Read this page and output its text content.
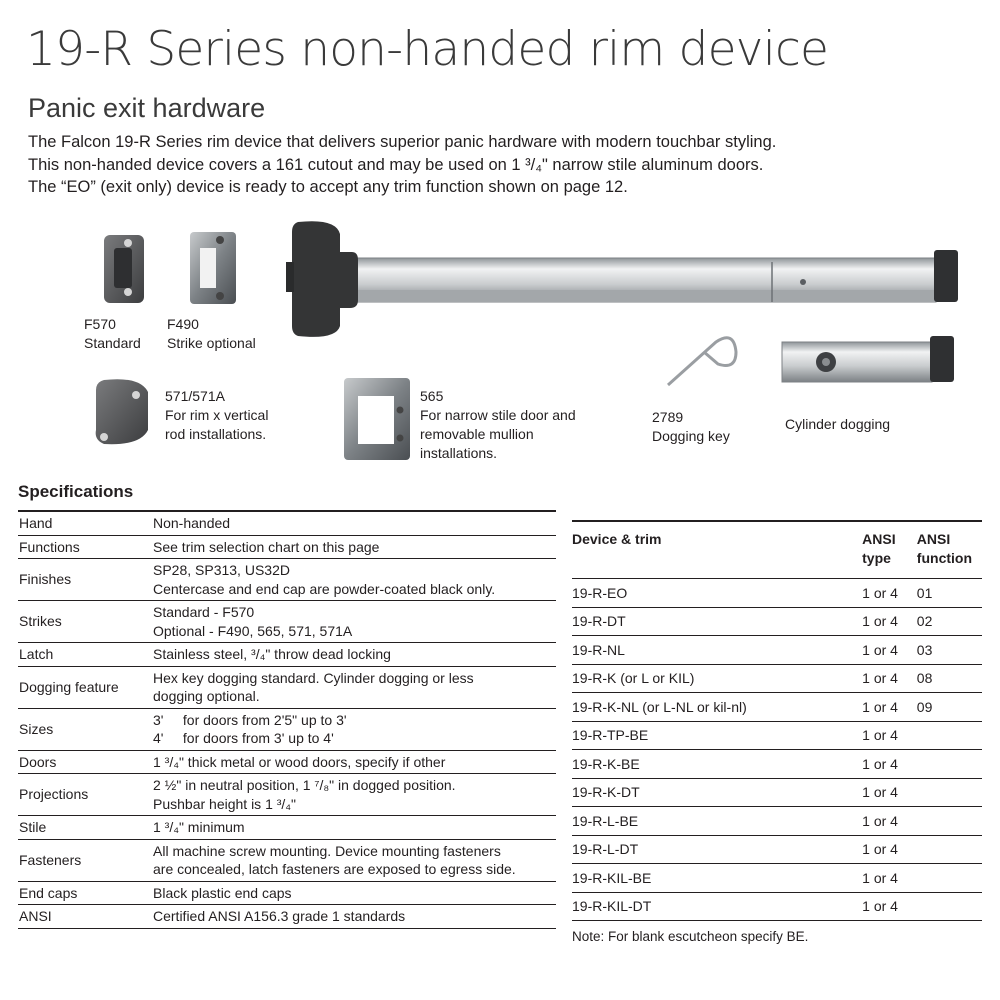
19-R Series non-handed rim device
Panic exit hardware
The Falcon 19-R Series rim device that delivers superior panic hardware with modern touchbar styling.
This non-handed device covers a 161 cutout and may be used on 1 ³/₄" narrow stile aluminum doors.
The “EO” (exit only) device is ready to accept any trim function shown on page 12.
F570
Standard
F490
Strike optional
571/571A
For rim x vertical
rod installations.
565
For narrow stile door and
removable mullion
installations.
2789
Dogging key
Cylinder dogging
Specifications
Hand	Non-handed

Functions	See trim selection chart on this page

Finishes	SP28, SP313, US32D
Centercase and end cap are powder-coated black only.

Strikes	Standard - F570
Optional - F490, 565, 571, 571A

Latch	Stainless steel, ³/₄" throw dead locking

Dogging feature	Hex key dogging standard. Cylinder dogging or less
dogging optional.

Sizes	3'     for doors from 2'5" up to 3'
4'     for doors from 3' up to 4'

Doors	1 ³/₄" thick metal or wood doors, specify if other

Projections	2 ½" in neutral position, 1 ⁷/₈" in dogged position.
Pushbar height is 1 ³/₄"

Stile	1 ³/₄" minimum

Fasteners	All machine screw mounting. Device mounting fasteners
are concealed, latch fasteners are exposed to egress side.

End caps	Black plastic end caps

ANSI	Certified ANSI A156.3 grade 1 standards
Device & trim	ANSI type	ANSI function
19-R-EO	1 or 4	01
19-R-DT	1 or 4	02
19-R-NL	1 or 4	03
19-R-K (or L or KIL)	1 or 4	08
19-R-K-NL (or L-NL or kil-nl)	1 or 4	09
19-R-TP-BE	1 or 4	
19-R-K-BE	1 or 4	
19-R-K-DT	1 or 4	
19-R-L-BE	1 or 4	
19-R-L-DT	1 or 4	
19-R-KIL-BE	1 or 4	
19-R-KIL-DT	1 or 4	
Note: For blank escutcheon specify BE.
